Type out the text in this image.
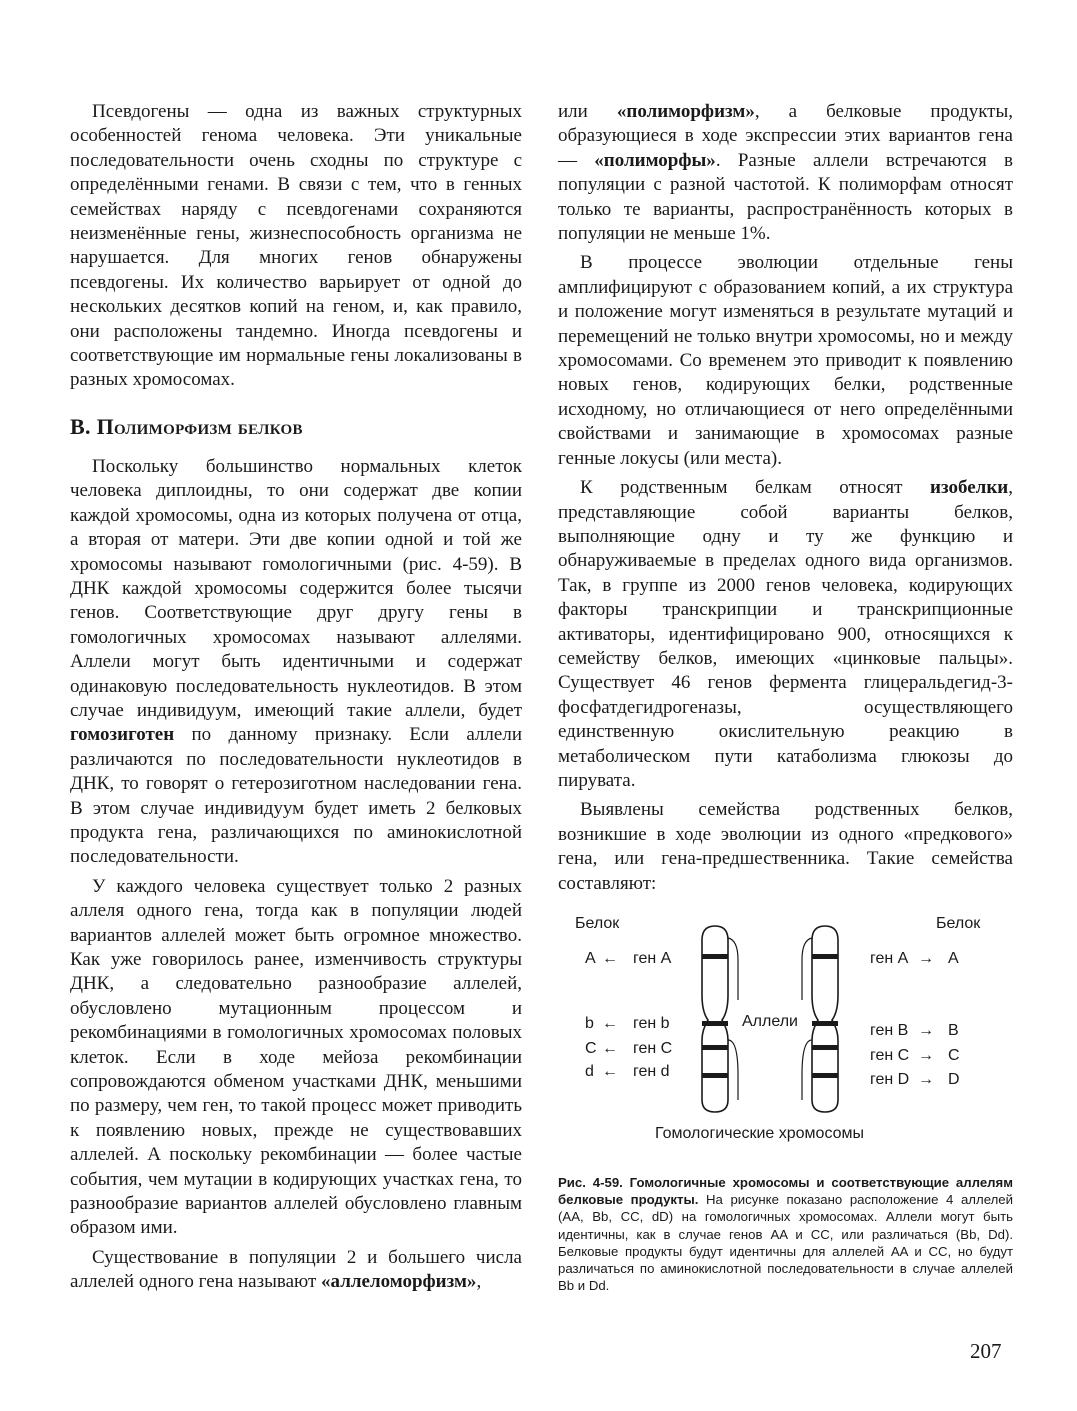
Псевдогены — одна из важных структурных особенностей генома человека. Эти уникальные последовательности очень сходны по структуре с определёнными генами. В связи с тем, что в генных семействах наряду с псевдогенами сохраняются неизменённые гены, жизнеспособность организма не нарушается. Для многих генов обнаружены псевдогены. Их количество варьирует от одной до нескольких десятков копий на геном, и, как правило, они расположены тандемно. Иногда псевдогены и соответствующие им нормальные гены локализованы в разных хромосомах.

В. Полиморфизм белков

Поскольку большинство нормальных клеток человека диплоидны, то они содержат две копии каждой хромосомы, одна из которых получена от отца, а вторая от матери. Эти две копии одной и той же хромосомы называют гомологичными (рис. 4-59). В ДНК каждой хромосомы содержится более тысячи генов. Соответствующие друг другу гены в гомологичных хромосомах называют аллелями. Аллели могут быть идентичными и содержат одинаковую последовательность нуклеотидов. В этом случае индивидуум, имеющий такие аллели, будет гомозиготен по данному признаку. Если аллели различаются по последовательности нуклеотидов в ДНК, то говорят о гетерозиготном наследовании гена. В этом случае индивидуум будет иметь 2 белковых продукта гена, различающихся по аминокислотной последовательности.

У каждого человека существует только 2 разных аллеля одного гена, тогда как в популяции людей вариантов аллелей может быть огромное множество. Как уже говорилось ранее, изменчивость структуры ДНК, а следовательно разнообразие аллелей, обусловлено мутационным процессом и рекомбинациями в гомологичных хромосомах половых клеток. Если в ходе мейоза рекомбинации сопровождаются обменом участками ДНК, меньшими по размеру, чем ген, то такой процесс может приводить к появлению новых, прежде не существовавших аллелей. А поскольку рекомбинации — более частые события, чем мутации в кодирующих участках гена, то разнообразие вариантов аллелей обусловлено главным образом ими.

Существование в популяции 2 и большего числа аллелей одного гена называют «аллеломорфизм»,

или «полиморфизм», а белковые продукты, образующиеся в ходе экспрессии этих вариантов гена — «полиморфы». Разные аллели встречаются в популяции с разной частотой. К полиморфам относят только те варианты, распространённость которых в популяции не меньше 1%.

В процессе эволюции отдельные гены амплифицируют с образованием копий, а их структура и положение могут изменяться в результате мутаций и перемещений не только внутри хромосомы, но и между хромосомами. Со временем это приводит к появлению новых генов, кодирующих белки, родственные исходному, но отличающиеся от него определёнными свойствами и занимающие в хромосомах разные генные локусы (или места).

К родственным белкам относят изобелки, представляющие собой варианты белков, выполняющие одну и ту же функцию и обнаруживаемые в пределах одного вида организмов. Так, в группе из 2000 генов человека, кодирующих факторы транскрипции и транскрипционные активаторы, идентифицировано 900, относящихся к семейству белков, имеющих «цинковые пальцы». Существует 46 генов фермента глицеральдегид-3-фосфатдегидрогеназы, осуществляющего единственную окислительную реакцию в метаболическом пути катаболизма глюкозы до пирувата.

Выявлены семейства родственных белков, возникшие в ходе эволюции из одного «предкового» гена, или гена-предшественника. Такие семейства составляют:

Белок	Белок
A ← ген A
b ← ген b
C ← ген C
d ← ген d
Аллели
ген A → A
ген B → B
ген C → C
ген D → D
Гомологические хромосомы
Рис. 4-59. Гомологичные хромосомы и соответствующие аллелям белковые продукты. На рисунке показано расположение 4 аллелей (AA, Bb, CC, dD) на гомологичных хромосомах. Аллели могут быть идентичны, как в случае генов AA и CC, или различаться (Bb, Dd). Белковые продукты будут идентичны для аллелей AA и CC, но будут различаться по аминокислотной последовательности в случае аллелей Bb и Dd.
207
